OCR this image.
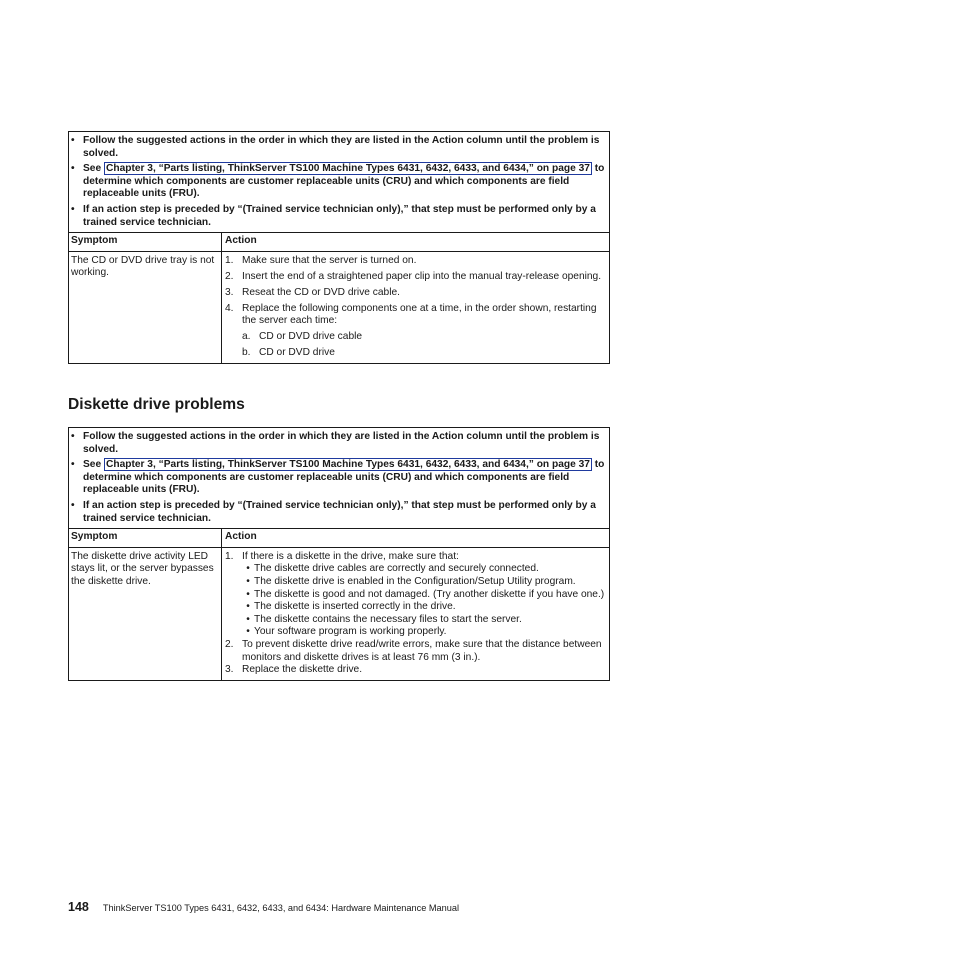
• Follow the suggested actions in the order in which they are listed in the Action column until the problem is solved.
• See Chapter 3, “Parts listing, ThinkServer TS100 Machine Types 6431, 6432, 6433, and 6434,” on page 37 to determine which components are customer replaceable units (CRU) and which components are field replaceable units (FRU).
• If an action step is preceded by “(Trained service technician only),” that step must be performed only by a trained service technician.
Symptom	Action
The CD or DVD drive tray is not working.
1. Make sure that the server is turned on.
2. Insert the end of a straightened paper clip into the manual tray-release opening.
3. Reseat the CD or DVD drive cable.
4. Replace the following components one at a time, in the order shown, restarting the server each time:
a. CD or DVD drive cable
b. CD or DVD drive
Diskette drive problems
• Follow the suggested actions in the order in which they are listed in the Action column until the problem is solved.
• See Chapter 3, “Parts listing, ThinkServer TS100 Machine Types 6431, 6432, 6433, and 6434,” on page 37 to determine which components are customer replaceable units (CRU) and which components are field replaceable units (FRU).
• If an action step is preceded by “(Trained service technician only),” that step must be performed only by a trained service technician.
Symptom	Action
The diskette drive activity LED stays lit, or the server bypasses the diskette drive.
1. If there is a diskette in the drive, make sure that:
• The diskette drive cables are correctly and securely connected.
• The diskette drive is enabled in the Configuration/Setup Utility program.
• The diskette is good and not damaged. (Try another diskette if you have one.)
• The diskette is inserted correctly in the drive.
• The diskette contains the necessary files to start the server.
• Your software program is working properly.
2. To prevent diskette drive read/write errors, make sure that the distance between monitors and diskette drives is at least 76 mm (3 in.).
3. Replace the diskette drive.
148 ThinkServer TS100 Types 6431, 6432, 6433, and 6434: Hardware Maintenance Manual
